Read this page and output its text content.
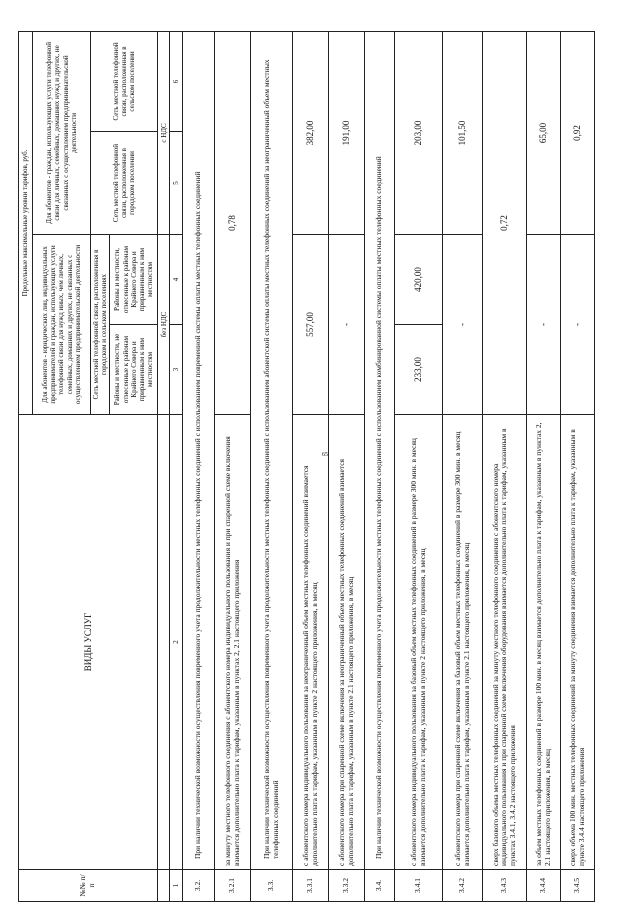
65
№№ п/п	ВИДЫ УСЛУГ	Предельные максимальные уровни тарифов, руб.			
		Для абонентов - юридических лиц, индивидуальных предпринимателей и граждан, использующих услуги телефонной связи для нужд иных, чем личных, семейных, домашних и других, не связанных с осуществлением предпринимательской деятельности		Для абонентов - граждан, использующих услуги телефонной связи для личных, семейных, домашних нужд и других, не связанных с осуществлением предпринимательской деятельности	
		Сеть местной телефонной связи, расположенная в городском и сельском поселениях		Сеть местной телефонной связи, расположенная в городском поселении	Сеть местной телефонной связи, расположенная в сельском поселении
		Районы и местности, не отнесенные к районам Крайнего Севера и приравненным к ним местностям	Районы и местности, отнесенные к районам Крайнего Севера и приравненным к ним местностям		
		без НДС		с НДС	
1	2	3	4	5	6
3.2.	При наличии технической возможности осуществления повременного учета продолжительности местных телефонных соединений с использованием повременной системы оплаты местных телефонных соединений				
3.2.1	за минуту местного телефонного соединения с абонентского номера индивидуального пользования и при спаренной схеме включения взимается дополнительно плата к тарифам, указанным в пунктах 2, 2.1 настоящего приложения	0,78			
3.3.	При наличии технической возможности осуществления повременного учета продолжительности местных телефонных соединений с использованием абонентской системы оплаты местных телефонных соединений за неограниченный объем местных телефонных соединений				
3.3.1	с абонентского номера индивидуального пользования за неограниченный объем местных телефонных соединений взимается дополнительно плата к тарифам, указанным в пункте 2 настоящего приложения, в месяц	557,00		382,00	
3.3.2	с абонентского номера при спаренной схеме включения за неограниченный объем местных телефонных соединений взимается дополнительно плата к тарифам, указанным в пункте 2.1 настоящего приложения, в месяц	-		191,00	
3.4.	При наличии технической возможности осуществления повременного учета продолжительности местных телефонных соединений с использованием комбинированной системы оплаты местных телефонных соединений				
3.4.1	с абонентского номера индивидуального пользования за базовый объем местных телефонных соединений в размере 300 мин. в месяц взимается дополнительно плата к тарифам, указанным в пункте 2 настоящего приложения, в месяц	233,00	420,00	203,00	
3.4.2	с абонентского номера при спаренной схеме включения за базовый объем местных телефонных соединений в размере 300 мин. в месяц взимается дополнительно плата к тарифам, указанным в пункте 2.1 настоящего приложения, в месяц	-		101,50	
3.4.3	сверх базового объема местных телефонных соединений за минуту местного телефонного соединения с абонентского номера индивидуального пользования и при спаренной схеме включения оборудования взимается дополнительно плата к тарифам, указанным в пунктах 3.4.1, 3.4.2 настоящего приложения	0,72			
3.4.4	за объем местных телефонных соединений в размере 100 мин. в месяц взимается дополнительно плата к тарифам, указанным в пунктах 2, 2.1 настоящего приложения, в месяц	-		65,00	
3.4.5	сверх объема 100 мин. местных телефонных соединений за минуту соединения взимается дополнительно плата к тарифам, указанным в пункте 3.4.4 настоящего приложения	-		0,92	
